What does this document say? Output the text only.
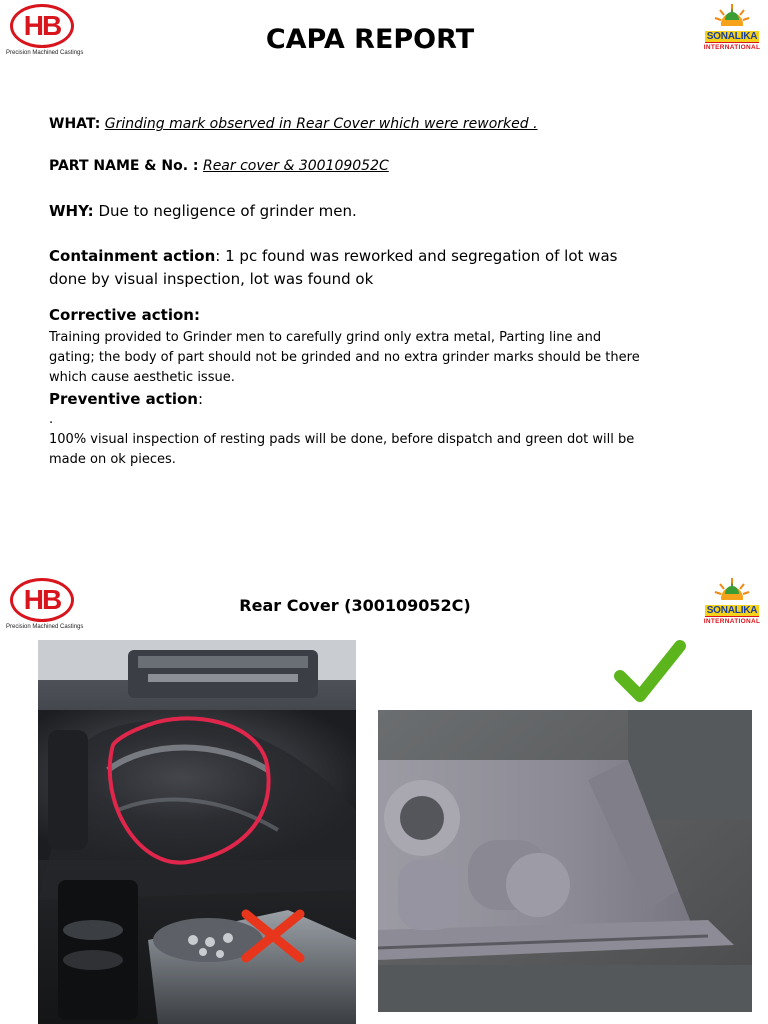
HB
Precision Machined Castings
SONALIKA
INTERNATIONAL
CAPA REPORT
WHAT: Grinding mark observed in Rear Cover which were reworked .
PART NAME & No. : Rear cover & 300109052C
WHY: Due to negligence of grinder men.
Containment action: 1 pc found was reworked and segregation of lot was done by visual inspection, lot was found ok
Corrective action:
Training provided to Grinder men to carefully grind only extra metal, Parting line and gating; the body of part should not be grinded and no extra grinder marks should be there which cause aesthetic issue.
Preventive action:
.
100% visual inspection of resting pads will be done, before dispatch and green dot will be made on ok pieces.
HB
Precision Machined Castings
SONALIKA
INTERNATIONAL
Rear Cover (300109052C)
